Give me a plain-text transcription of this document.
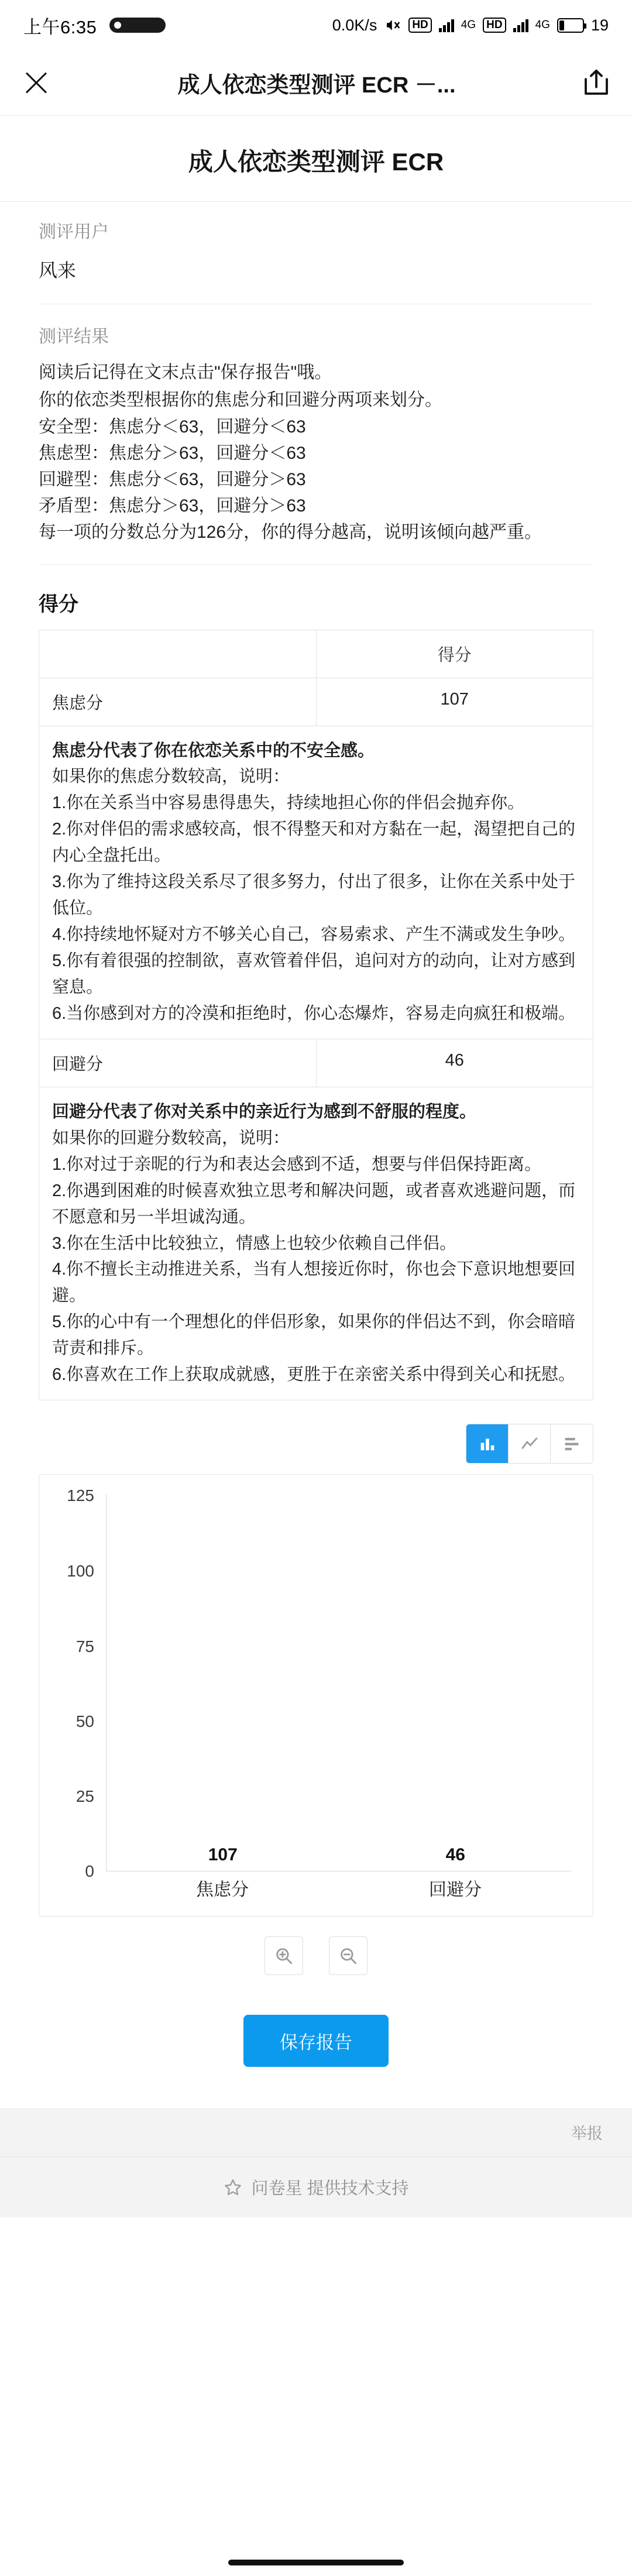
上午6:35	0.0K/s	HD	4G HD	4G	19
成人依恋类型测评 ECR －...
成人依恋类型测评 ECR
测评用户
风来
测评结果

阅读后记得在文末点击"保存报告"哦。

你的依恋类型根据你的焦虑分和回避分两项来划分。

安全型：焦虑分＜63，回避分＜63

焦虑型：焦虑分＞63，回避分＜63

回避型：焦虑分＜63，回避分＞63

矛盾型：焦虑分＞63，回避分＞63

每一项的分数总分为126分，你的得分越高，说明该倾向越严重。

得分
	得分
焦虑分	107

焦虑分代表了你在依恋关系中的不安全感。
如果你的焦虑分数较高，说明：
1.你在关系当中容易患得患失，持续地担心你的伴侣会抛弃你。
2.你对伴侣的需求感较高，恨不得整天和对方黏在一起，渴望把自己的内心全盘托出。
3.你为了维持这段关系尽了很多努力，付出了很多，让你在关系中处于低位。
4.你持续地怀疑对方不够关心自己，容易索求、产生不满或发生争吵。
5.你有着很强的控制欲，喜欢管着伴侣，追问对方的动向，让对方感到窒息。
6.当你感到对方的冷漠和拒绝时，你心态爆炸，容易走向疯狂和极端。

回避分	46

回避分代表了你对关系中的亲近行为感到不舒服的程度。
如果你的回避分数较高，说明：
1.你对过于亲昵的行为和表达会感到不适，想要与伴侣保持距离。
2.你遇到困难的时候喜欢独立思考和解决问题，或者喜欢逃避问题，而不愿意和另一半坦诚沟通。
3.你在生活中比较独立，情感上也较少依赖自己伴侣。
4.你不擅长主动推进关系，当有人想接近你时，你也会下意识地想要回避。
5.你的心中有一个理想化的伴侣形象，如果你的伴侣达不到，你会暗暗苛责和排斥。
6.你喜欢在工作上获取成就感，更胜于在亲密关系中得到关心和抚慰。
125
100
75
50
25
0
107	46
焦虑分	回避分
保存报告
举报
问卷星 提供技术支持
